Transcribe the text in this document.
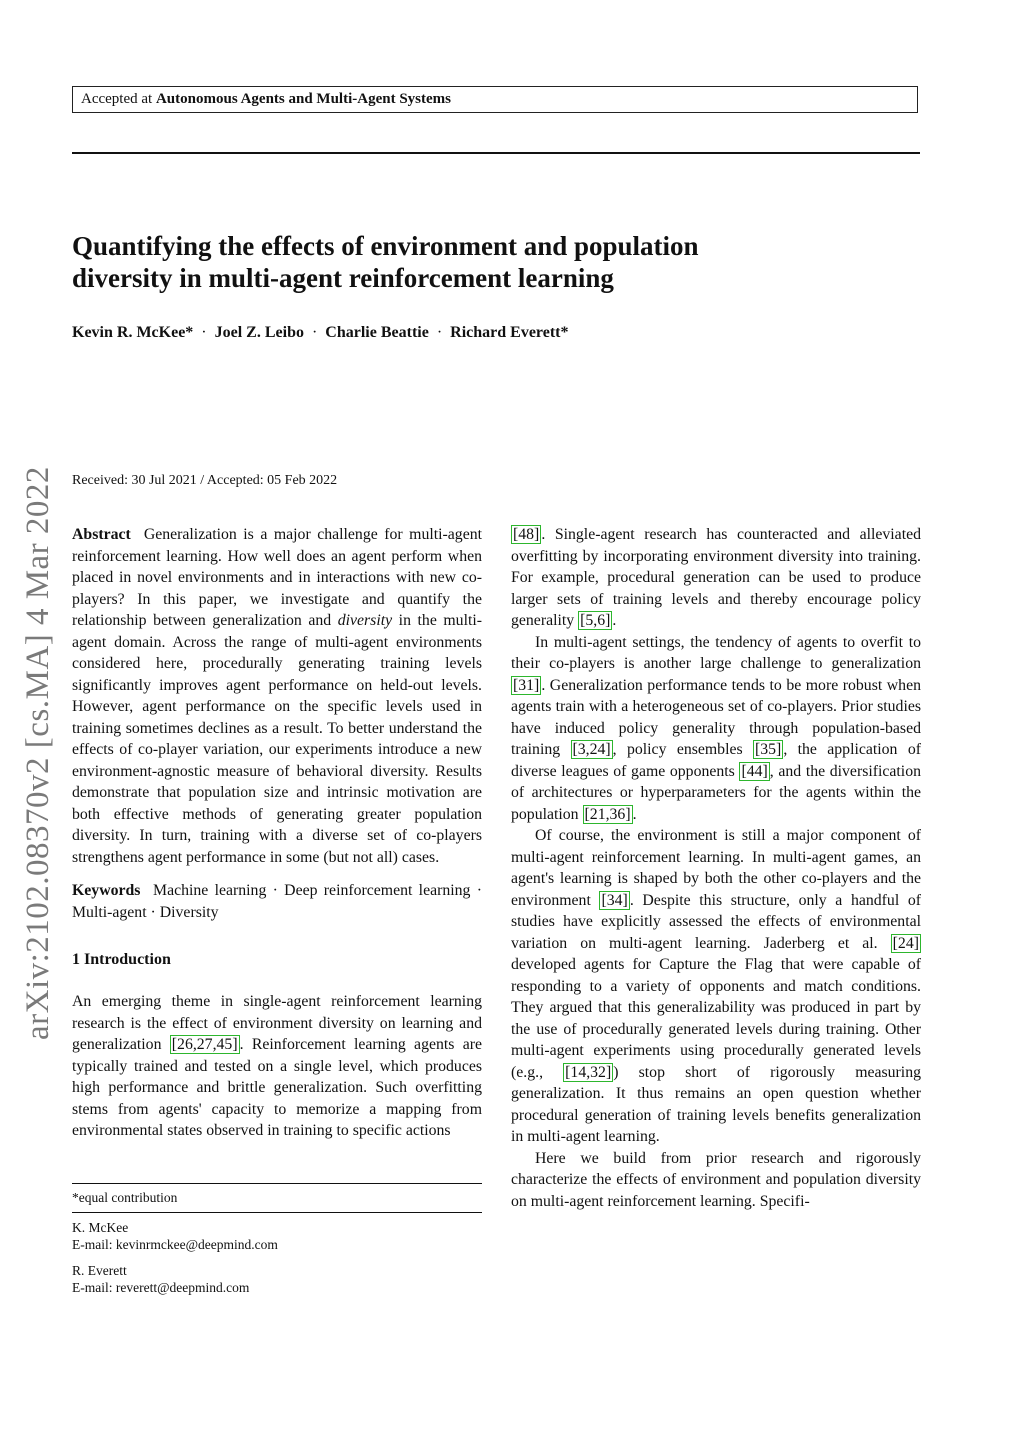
Accepted at Autonomous Agents and Multi-Agent Systems
Quantifying the effects of environment and population
diversity in multi-agent reinforcement learning
Kevin R. McKee* · Joel Z. Leibo · Charlie Beattie · Richard Everett*
arXiv:2102.08370v2 [cs.MA] 4 Mar 2022 Received: 30 Jul 2021 / Accepted: 05 Feb 2022

Abstract Generalization is a major challenge for multi-agent reinforcement learning. How well does an agent perform when placed in novel environments and in interactions with new co-players? In this paper, we investigate and quantify the relationship between generalization and diversity in the multi-agent domain. Across the range of multi-agent environments considered here, procedurally generating training levels significantly improves agent performance on held-out levels. However, agent performance on the specific levels used in training sometimes declines as a result. To better understand the effects of co-player variation, our experiments introduce a new environment-agnostic measure of behavioral diversity. Results demonstrate that population size and intrinsic motivation are both effective methods of generating greater population diversity. In turn, training with a diverse set of co-players strengthens agent performance in some (but not all) cases.

Keywords Machine learning · Deep reinforcement learning · Multi-agent · Diversity

1 Introduction

An emerging theme in single-agent reinforcement learning research is the effect of environment diversity on learning and generalization [26,27,45] . Reinforcement learning agents are typically trained and tested on a single level, which produces high performance and brittle generalization. Such overfitting stems from agents' capacity to memorize a mapping from environmental states observed in training to specific actions

*equal contribution

K. McKee

E-mail: kevinrmckee@deepmind.com

R. Everett

E-mail: reverett@deepmind.com

[48] . Single-agent research has counteracted and alleviated overfitting by incorporating environment diversity into training. For example, procedural generation can be used to produce larger sets of training levels and thereby encourage policy generality [5,6] .

In multi-agent settings, the tendency of agents to overfit to their co-players is another large challenge to generalization [31] . Generalization performance tends to be more robust when agents train with a heterogeneous set of co-players. Prior studies have induced policy generality through population-based training [3,24] , policy ensembles [35] , the application of diverse leagues of game opponents [44] , and the diversification of architectures or hyperparameters for the agents within the population [21,36] .

Of course, the environment is still a major component of multi-agent reinforcement learning. In multi-agent games, an agent's learning is shaped by both the other co-players and the environment [34] . Despite this structure, only a handful of studies have explicitly assessed the effects of environmental variation on multi-agent learning. Jaderberg et al. [24] developed agents for Capture the Flag that were capable of responding to a variety of opponents and match conditions. They argued that this generalizability was produced in part by the use of procedurally generated levels during training. Other multi-agent experiments using procedurally generated levels (e.g., [14,32] ) stop short of rigorously measuring generalization. It thus remains an open question whether procedural generation of training levels benefits generalization in multi-agent learning.

Here we build from prior research and rigorously characterize the effects of environment and population diversity on multi-agent reinforcement learning. Specifi-
